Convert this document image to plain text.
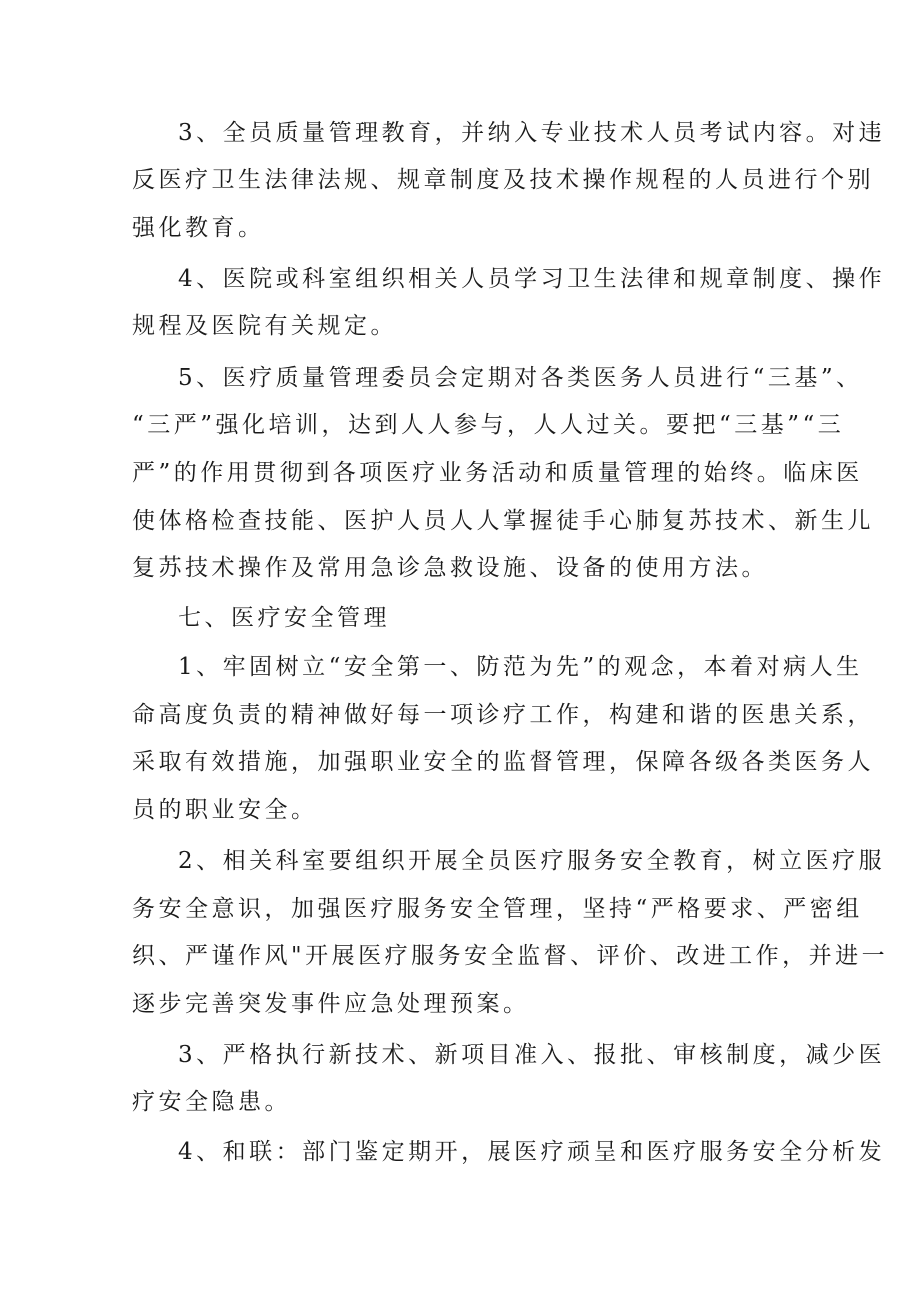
3、全员质量管理教育，并纳入专业技术人员考试内容。对违
反医疗卫生法律法规、规章制度及技术操作规程的人员进行个别
强化教育。
4、医院或科室组织相关人员学习卫生法律和规章制度、操作
规程及医院有关规定。
5、医疗质量管理委员会定期对各类医务人员进行“三基”、
“三严”强化培训，达到人人参与，人人过关。要把“三基”“三
严”的作用贯彻到各项医疗业务活动和质量管理的始终。临床医
使体格检查技能、医护人员人人掌握徒手心肺复苏技术、新生儿
复苏技术操作及常用急诊急救设施、设备的使用方法。
七、医疗安全管理
1、牢固树立“安全第一、防范为先”的观念，本着对病人生
命高度负责的精神做好每一项诊疗工作，构建和谐的医患关系，
采取有效措施，加强职业安全的监督管理，保障各级各类医务人
员的职业安全。
2、相关科室要组织开展全员医疗服务安全教育，树立医疗服
务安全意识，加强医疗服务安全管理，坚持“严格要求、严密组
织、严谨作风"开展医疗服务安全监督、评价、改进工作，并进一
逐步完善突发事件应急处理预案。
3、严格执行新技术、新项目准入、报批、审核制度，减少医
疗安全隐患。
4、和联：部门鉴定期开，展医疗顽呈和医疗服务安全分析发
